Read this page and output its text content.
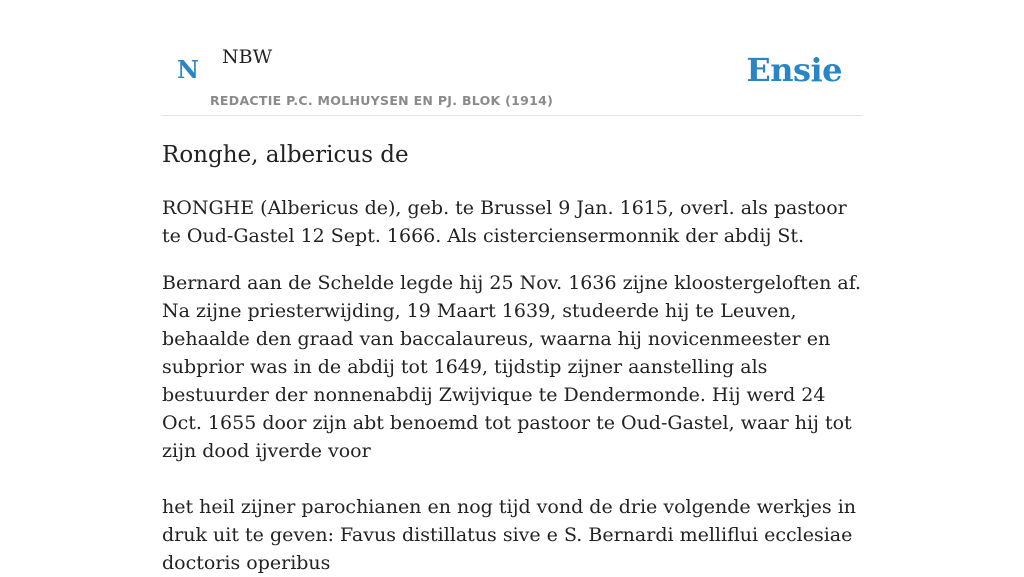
N NBW
REDACTIE P.C. MOLHUYSEN EN PJ. BLOK (1914)
Ensie
Ronghe, albericus de

RONGHE (Albericus de), geb. te Brussel 9 Jan. 1615, overl. als pastoor te Oud-Gastel 12 Sept. 1666. Als cisterciensermonnik der abdij St.

Bernard aan de Schelde legde hij 25 Nov. 1636 zijne kloostergeloften af. Na zijne priesterwijding, 19 Maart 1639, studeerde hij te Leuven, behaalde den graad van baccalaureus, waarna hij novicenmeester en subprior was in de abdij tot 1649, tijdstip zijner aanstelling als bestuurder der nonnenabdij Zwijvique te Dendermonde. Hij werd 24 Oct. 1655 door zijn abt benoemd tot pastoor te Oud-Gastel, waar hij tot zijn dood ijverde voor

het heil zijner parochianen en nog tijd vond de drie volgende werkjes in druk uit te geven: Favus distillatus sive e S. Bernardi melliflui ecclesiae doctoris operibus
